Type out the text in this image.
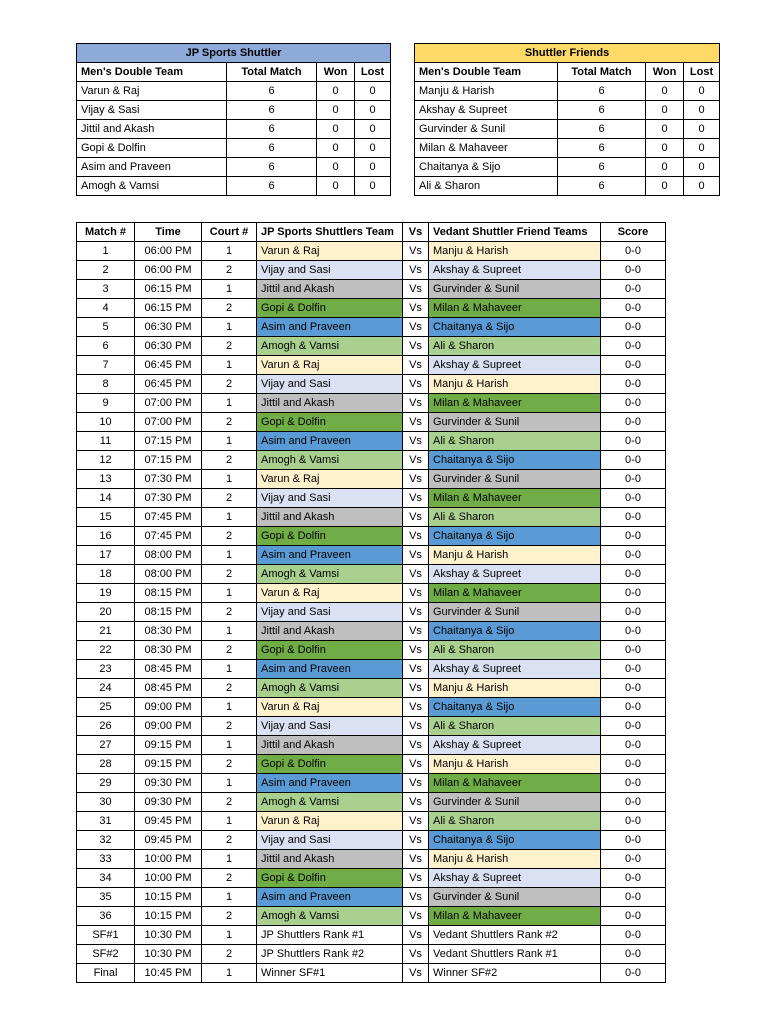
JP Sports Shuttler			
Men's Double Team	Total Match	Won	Lost
Varun & Raj	6	0	0
Vijay & Sasi	6	0	0
Jittil and Akash	6	0	0
Gopi & Dolfin	6	0	0
Asim and Praveen	6	0	0
Amogh & Vamsi	6	0	0
Shuttler Friends			
Men's Double Team	Total Match	Won	Lost
Manju & Harish	6	0	0
Akshay & Supreet	6	0	0
Gurvinder & Sunil	6	0	0
Milan & Mahaveer	6	0	0
Chaitanya & Sijo	6	0	0
Ali & Sharon	6	0	0
Match #	Time	Court #	JP Sports Shuttlers Team	Vs	Vedant Shuttler Friend Teams	Score
1	06:00 PM	1	Varun & Raj	Vs	Manju & Harish	0-0
2	06:00 PM	2	Vijay and Sasi	Vs	Akshay & Supreet	0-0
3	06:15 PM	1	Jittil and Akash	Vs	Gurvinder & Sunil	0-0
4	06:15 PM	2	Gopi & Dolfin	Vs	Milan & Mahaveer	0-0
5	06:30 PM	1	Asim and Praveen	Vs	Chaitanya & Sijo	0-0
6	06:30 PM	2	Amogh & Vamsi	Vs	Ali & Sharon	0-0
7	06:45 PM	1	Varun & Raj	Vs	Akshay & Supreet	0-0
8	06:45 PM	2	Vijay and Sasi	Vs	Manju & Harish	0-0
9	07:00 PM	1	Jittil and Akash	Vs	Milan & Mahaveer	0-0
10	07:00 PM	2	Gopi & Dolfin	Vs	Gurvinder & Sunil	0-0
11	07:15 PM	1	Asim and Praveen	Vs	Ali & Sharon	0-0
12	07:15 PM	2	Amogh & Vamsi	Vs	Chaitanya & Sijo	0-0
13	07:30 PM	1	Varun & Raj	Vs	Gurvinder & Sunil	0-0
14	07:30 PM	2	Vijay and Sasi	Vs	Milan & Mahaveer	0-0
15	07:45 PM	1	Jittil and Akash	Vs	Ali & Sharon	0-0
16	07:45 PM	2	Gopi & Dolfin	Vs	Chaitanya & Sijo	0-0
17	08:00 PM	1	Asim and Praveen	Vs	Manju & Harish	0-0
18	08:00 PM	2	Amogh & Vamsi	Vs	Akshay & Supreet	0-0
19	08:15 PM	1	Varun & Raj	Vs	Milan & Mahaveer	0-0
20	08:15 PM	2	Vijay and Sasi	Vs	Gurvinder & Sunil	0-0
21	08:30 PM	1	Jittil and Akash	Vs	Chaitanya & Sijo	0-0
22	08:30 PM	2	Gopi & Dolfin	Vs	Ali & Sharon	0-0
23	08:45 PM	1	Asim and Praveen	Vs	Akshay & Supreet	0-0
24	08:45 PM	2	Amogh & Vamsi	Vs	Manju & Harish	0-0
25	09:00 PM	1	Varun & Raj	Vs	Chaitanya & Sijo	0-0
26	09:00 PM	2	Vijay and Sasi	Vs	Ali & Sharon	0-0
27	09:15 PM	1	Jittil and Akash	Vs	Akshay & Supreet	0-0
28	09:15 PM	2	Gopi & Dolfin	Vs	Manju & Harish	0-0
29	09:30 PM	1	Asim and Praveen	Vs	Milan & Mahaveer	0-0
30	09:30 PM	2	Amogh & Vamsi	Vs	Gurvinder & Sunil	0-0
31	09:45 PM	1	Varun & Raj	Vs	Ali & Sharon	0-0
32	09:45 PM	2	Vijay and Sasi	Vs	Chaitanya & Sijo	0-0
33	10:00 PM	1	Jittil and Akash	Vs	Manju & Harish	0-0
34	10:00 PM	2	Gopi & Dolfin	Vs	Akshay & Supreet	0-0
35	10:15 PM	1	Asim and Praveen	Vs	Gurvinder & Sunil	0-0
36	10:15 PM	2	Amogh & Vamsi	Vs	Milan & Mahaveer	0-0
SF#1	10:30 PM	1	JP Shuttlers Rank #1	Vs	Vedant Shuttlers Rank #2	0-0
SF#2	10:30 PM	2	JP Shuttlers Rank #2	Vs	Vedant Shuttlers Rank #1	0-0
Final	10:45 PM	1	Winner SF#1	Vs	Winner SF#2	0-0
